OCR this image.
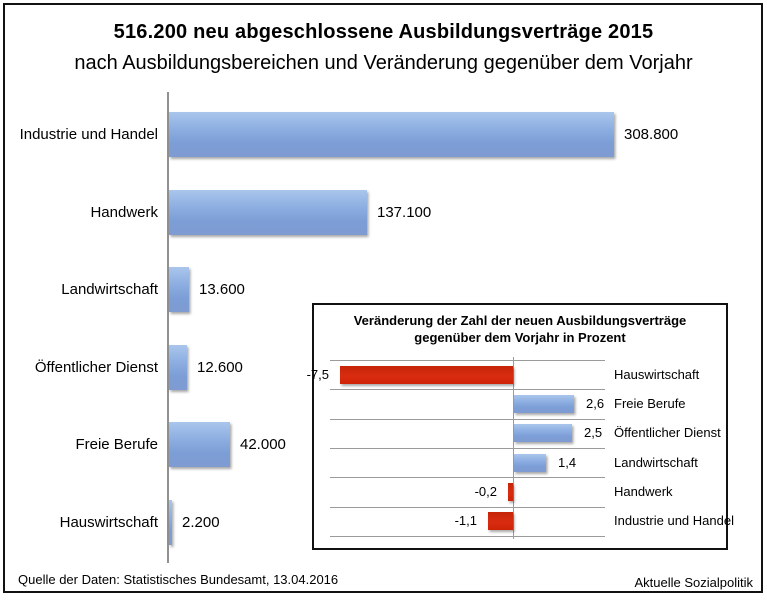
516.200 neu abgeschlossene Ausbildungsverträge 2015
nach Ausbildungsbereichen und Veränderung gegenüber dem Vorjahr
Industrie und Handel	308.800
Handwerk	137.100
Landwirtschaft	13.600
Öffentlicher Dienst	12.600
Freie Berufe	42.000
Hauswirtschaft 2.200
Veränderung der Zahl der neuen Ausbildungsverträge
gegenüber dem Vorjahr in Prozent
-7,5	Hauswirtschaft
2,6 Freie Berufe
2,5 Öffentlicher Dienst
1,4	Landwirtschaft
-0,2	Handwerk
-1,1	Industrie und Handel
Quelle der Daten: Statistisches Bundesamt, 13.04.2016	Aktuelle Sozialpolitik
